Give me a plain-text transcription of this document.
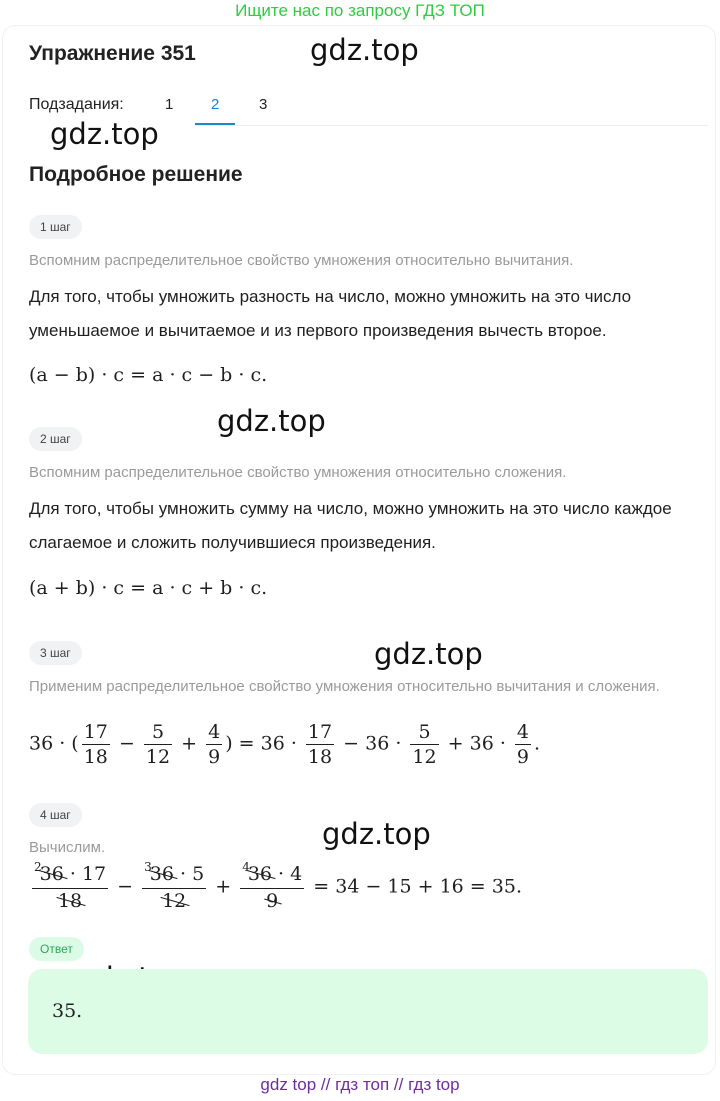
Ищите нас по запросу ГДЗ ТОП
Упражнение 351
Подзадания:	1	2	3
Подробное решение
gdz.top
gdz.top
gdz.top
gdz.top
gdz.top
1 шаг
Вспомним распределительное свойство умножения относительно вычитания.
Для того, чтобы умножить разность на число, можно умножить на это число уменьшаемое и вычитаемое и из первого произведения вычесть второе.
(a − b) · c = a · c − b · c.
2 шаг
Вспомним распределительное свойство умножения относительно сложения.
Для того, чтобы умножить сумму на число, можно умножить на это число каждое слагаемое и сложить получившиеся произведения.
(a + b) · c = a · c + b · c.
3 шаг
Применим распределительное свойство умножения относительно вычитания и сложения.
36 · ( $\frac{17}{18} - \frac{5}{12} + \frac{4}{9}$ ) = $36 \cdot \frac{17}{18} - 36 \cdot \frac{5}{12} + 36 \cdot \frac{4}{9}$ .
4 шаг
Вычислим.
$\frac{^236 \cdot 17}{18} - \frac{^336 \cdot 5}{12} + \frac{^436 \cdot 4}{9} = 34 - 15 + 16 = 35$.
Ответ
35.
gdz top // гдз топ // гдз top
